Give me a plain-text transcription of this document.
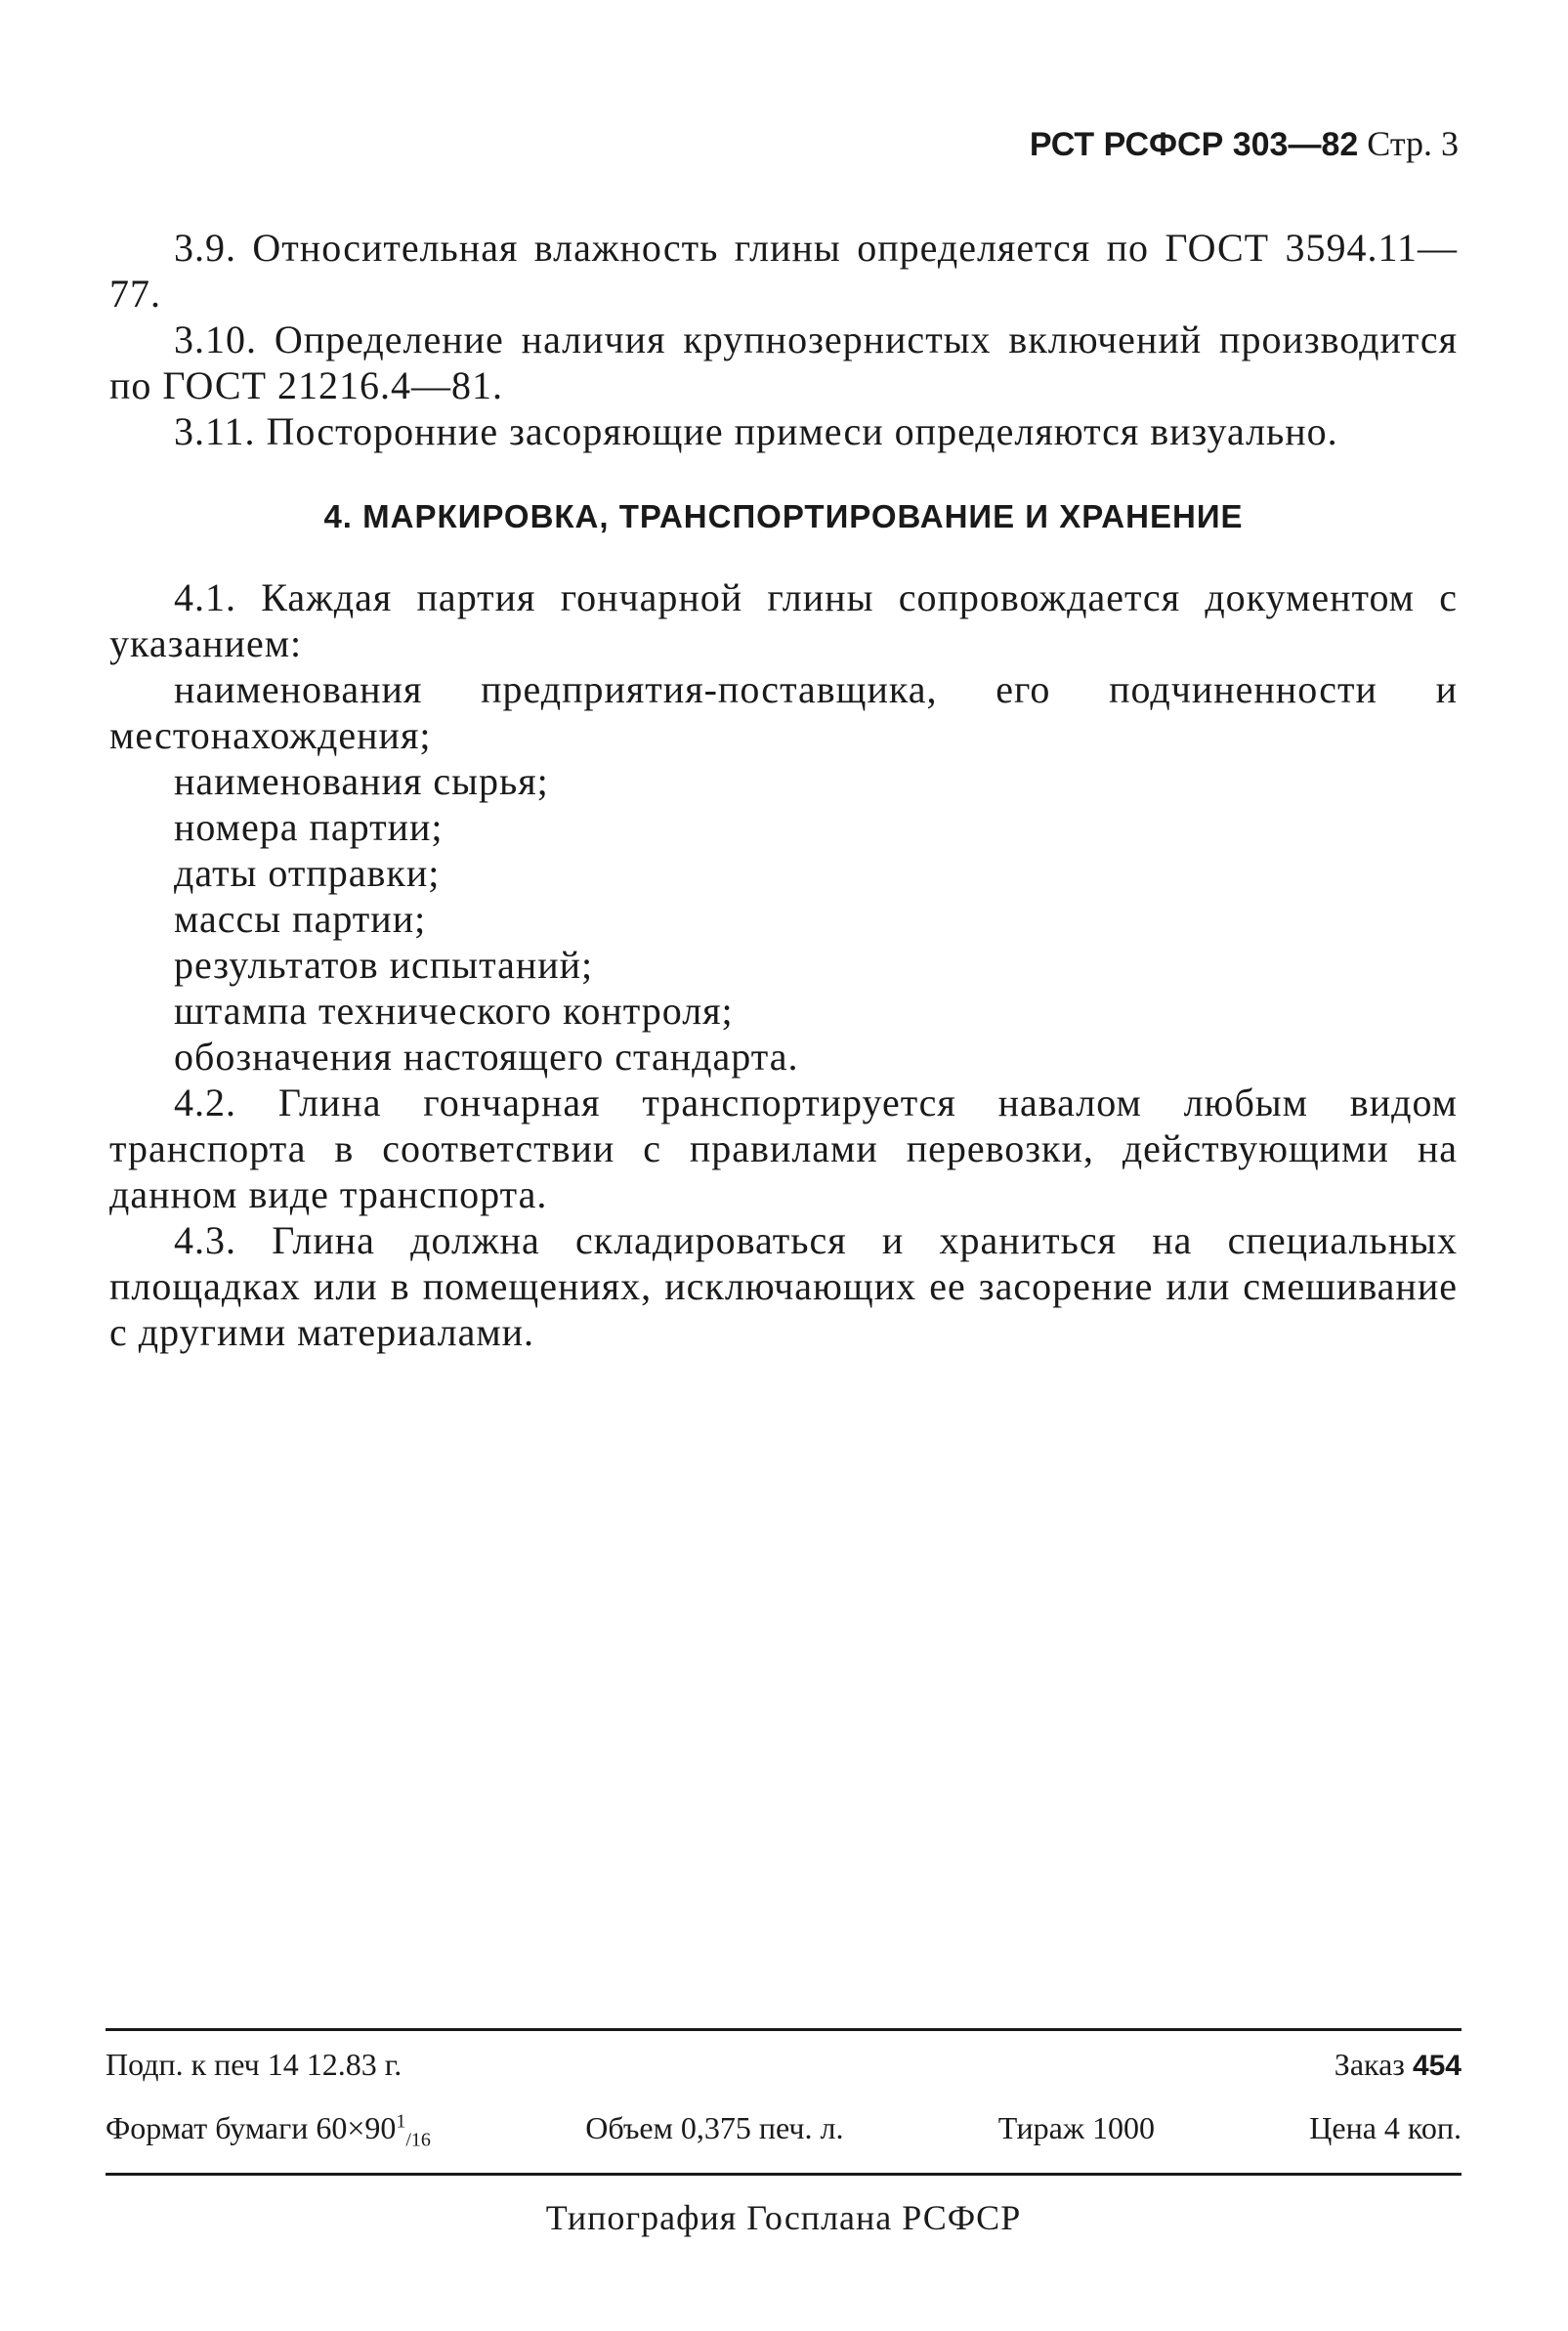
РСТ РСФСР 303—82 Стр. 3

3.9. Относительная влажность глины определяется по ГОСТ 3594.11—77.

3.10. Определение наличия крупнозернистых включений производится по ГОСТ 21216.4—81.

3.11. Посторонние засоряющие примеси определяются визуально.

4. МАРКИРОВКА, ТРАНСПОРТИРОВАНИЕ И ХРАНЕНИЕ

4.1. Каждая партия гончарной глины сопровождается документом с указанием:

наименования предприятия-поставщика, его подчиненности и местонахождения;

наименования сырья;

номера партии;

даты отправки;

массы партии;

результатов испытаний;

штампа технического контроля;

обозначения настоящего стандарта.

4.2. Глина гончарная транспортируется навалом любым видом транспорта в соответствии с правилами перевозки, действующими на данном виде транспорта.

4.3. Глина должна складироваться и храниться на специальных площадках или в помещениях, исключающих ее засорение или смешивание с другими материалами.

Подп. к печ 14 12.83 г.	Заказ 454
Формат бумаги $60\times 90^1_{/16}$	Объем 0,375 печ. л.	Тираж 1000	Цена 4 коп.
Типография Госплана РСФСР
